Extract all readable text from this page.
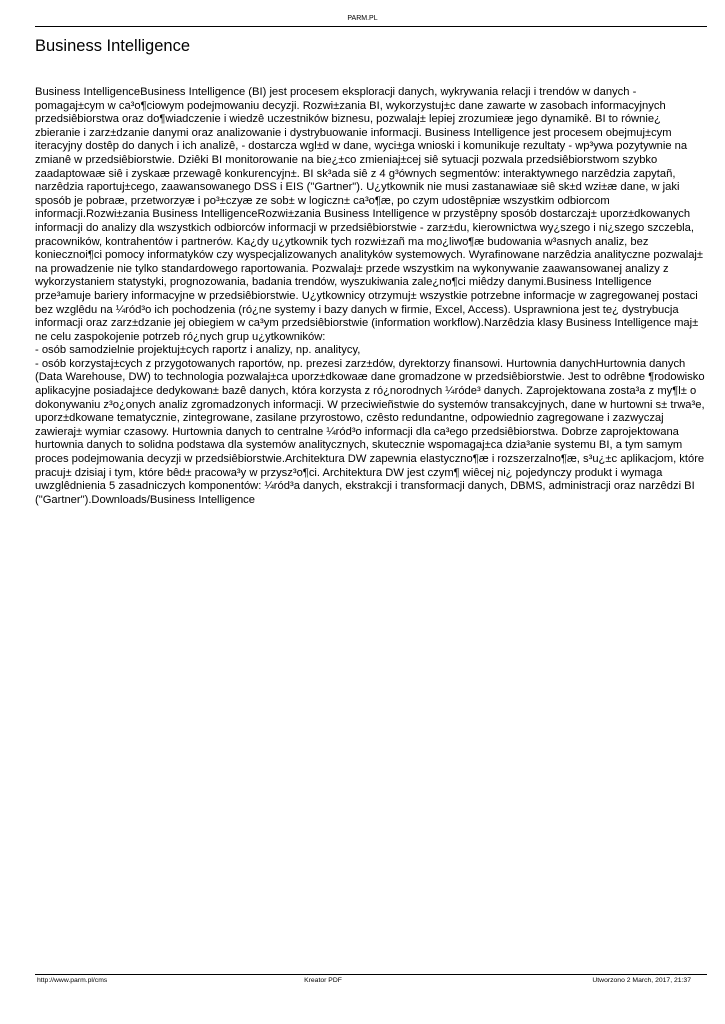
PARM.PL
Business Intelligence

Business IntelligenceBusiness Intelligence (BI) jest procesem eksploracji danych, wykrywania relacji i trendów w danych - pomagaj±cym w ca³o¶ciowym podejmowaniu decyzji. Rozwi±zania BI, wykorzystuj±c dane zawarte w zasobach informacyjnych przedsiêbiorstwa oraz do¶wiadczenie i wiedzê uczestników biznesu, pozwalaj± lepiej zrozumieæ jego dynamikê. BI to równie¿ zbieranie i zarz±dzanie danymi oraz analizowanie i dystrybuowanie informacji. Business Intelligence jest procesem obejmuj±cym iteracyjny dostêp do danych i ich analizê, - dostarcza wgl±d w dane, wyci±ga wnioski i komunikuje rezultaty - wp³ywa pozytywnie na zmianê w przedsiêbiorstwie. Dziêki BI monitorowanie na bie¿±co zmieniaj±cej siê sytuacji pozwala przedsiêbiorstwom szybko zaadaptowaæ siê i zyskaæ przewagê konkurencyjn±. BI sk³ada siê z 4 g³ównych segmentów: interaktywnego narzêdzia zapytañ, narzêdzia raportuj±cego, zaawansowanego DSS i EIS ("Gartner"). U¿ytkownik nie musi zastanawiaæ siê sk±d wzi±æ dane, w jaki sposób je pobraæ, przetworzyæ i po³±czyæ ze sob± w logiczn± ca³o¶æ, po czym udostêpniæ wszystkim odbiorcom informacji.Rozwi±zania Business IntelligenceRozwi±zania Business Intelligence w przystêpny sposób dostarczaj± uporz±dkowanych informacji do analizy dla wszystkich odbiorców informacji w przedsiêbiorstwie - zarz±du, kierownictwa wy¿szego i ni¿szego szczebla, pracowników, kontrahentów i partnerów. Ka¿dy u¿ytkownik tych rozwi±zañ ma mo¿liwo¶æ budowania w³asnych analiz, bez koniecznoi¶ci pomocy informatyków czy wyspecjalizowanych analityków systemowych. Wyrafinowane narzêdzia analityczne pozwalaj± na prowadzenie nie tylko standardowego raportowania. Pozwalaj± przede wszystkim na wykonywanie zaawansowanej analizy z wykorzystaniem statystyki, prognozowania, badania trendów, wyszukiwania zale¿no¶ci miêdzy danymi.Business Intelligence prze³amuje bariery informacyjne w przedsiêbiorstwie. U¿ytkownicy otrzymuj± wszystkie potrzebne informacje w zagregowanej postaci bez wzglêdu na ¼ród³o ich pochodzenia (ró¿ne systemy i bazy danych w firmie, Excel, Access). Usprawniona jest te¿ dystrybucja informacji oraz zarz±dzanie jej obiegiem w ca³ym przedsiêbiorstwie (information workflow).Narzêdzia klasy Business Intelligence maj± ne celu zaspokojenie potrzeb ró¿nych grup u¿ytkowników:

- osób samodzielnie projektuj±cych raportz i analizy, np. analitycy,
- osób korzystaj±cych z przygotowanych raportów, np. prezesi zarz±dów, dyrektorzy finansowi. Hurtownia danychHurtownia danych (Data Warehouse, DW) to technologia pozwalaj±ca uporz±dkowaæ dane gromadzone w przedsiêbiorstwie. Jest to odrêbne ¶rodowisko aplikacyjne posiadaj±ce dedykowan± bazê danych, która korzysta z ró¿norodnych ¼róde³ danych. Zaprojektowana zosta³a z my¶l± o dokonywaniu z³o¿onych analiz zgromadzonych informacji. W przeciwieñstwie do systemów transakcyjnych, dane w hurtowni s± trwa³e, uporz±dkowane tematycznie, zintegrowane, zasilane przyrostowo, czêsto redundantne, odpowiednio zagregowane i zazwyczaj zawieraj± wymiar czasowy. Hurtownia danych to centralne ¼ród³o informacji dla ca³ego przedsiêbiorstwa. Dobrze zaprojektowana hurtownia danych to solidna podstawa dla systemów analitycznych, skutecznie wspomagaj±ca dzia³anie systemu BI, a tym samym proces podejmowania decyzji w przedsiêbiorstwie.Architektura DW zapewnia elastyczno¶æ i rozszerzalno¶æ, s³u¿±c aplikacjom, które pracuj± dzisiaj i tym, które bêd± pracowa³y w przysz³o¶ci. Architektura DW jest czym¶ wiêcej ni¿ pojedynczy produkt i wymaga uwzglêdnienia 5 zasadniczych komponentów: ¼ród³a danych, ekstrakcji i transformacji danych, DBMS, administracji oraz narzêdzi BI ("Gartner").Downloads/Business Intelligence
http://www.parm.pl/cms	Kreator PDF	Utworzono 2 March, 2017, 21:37
